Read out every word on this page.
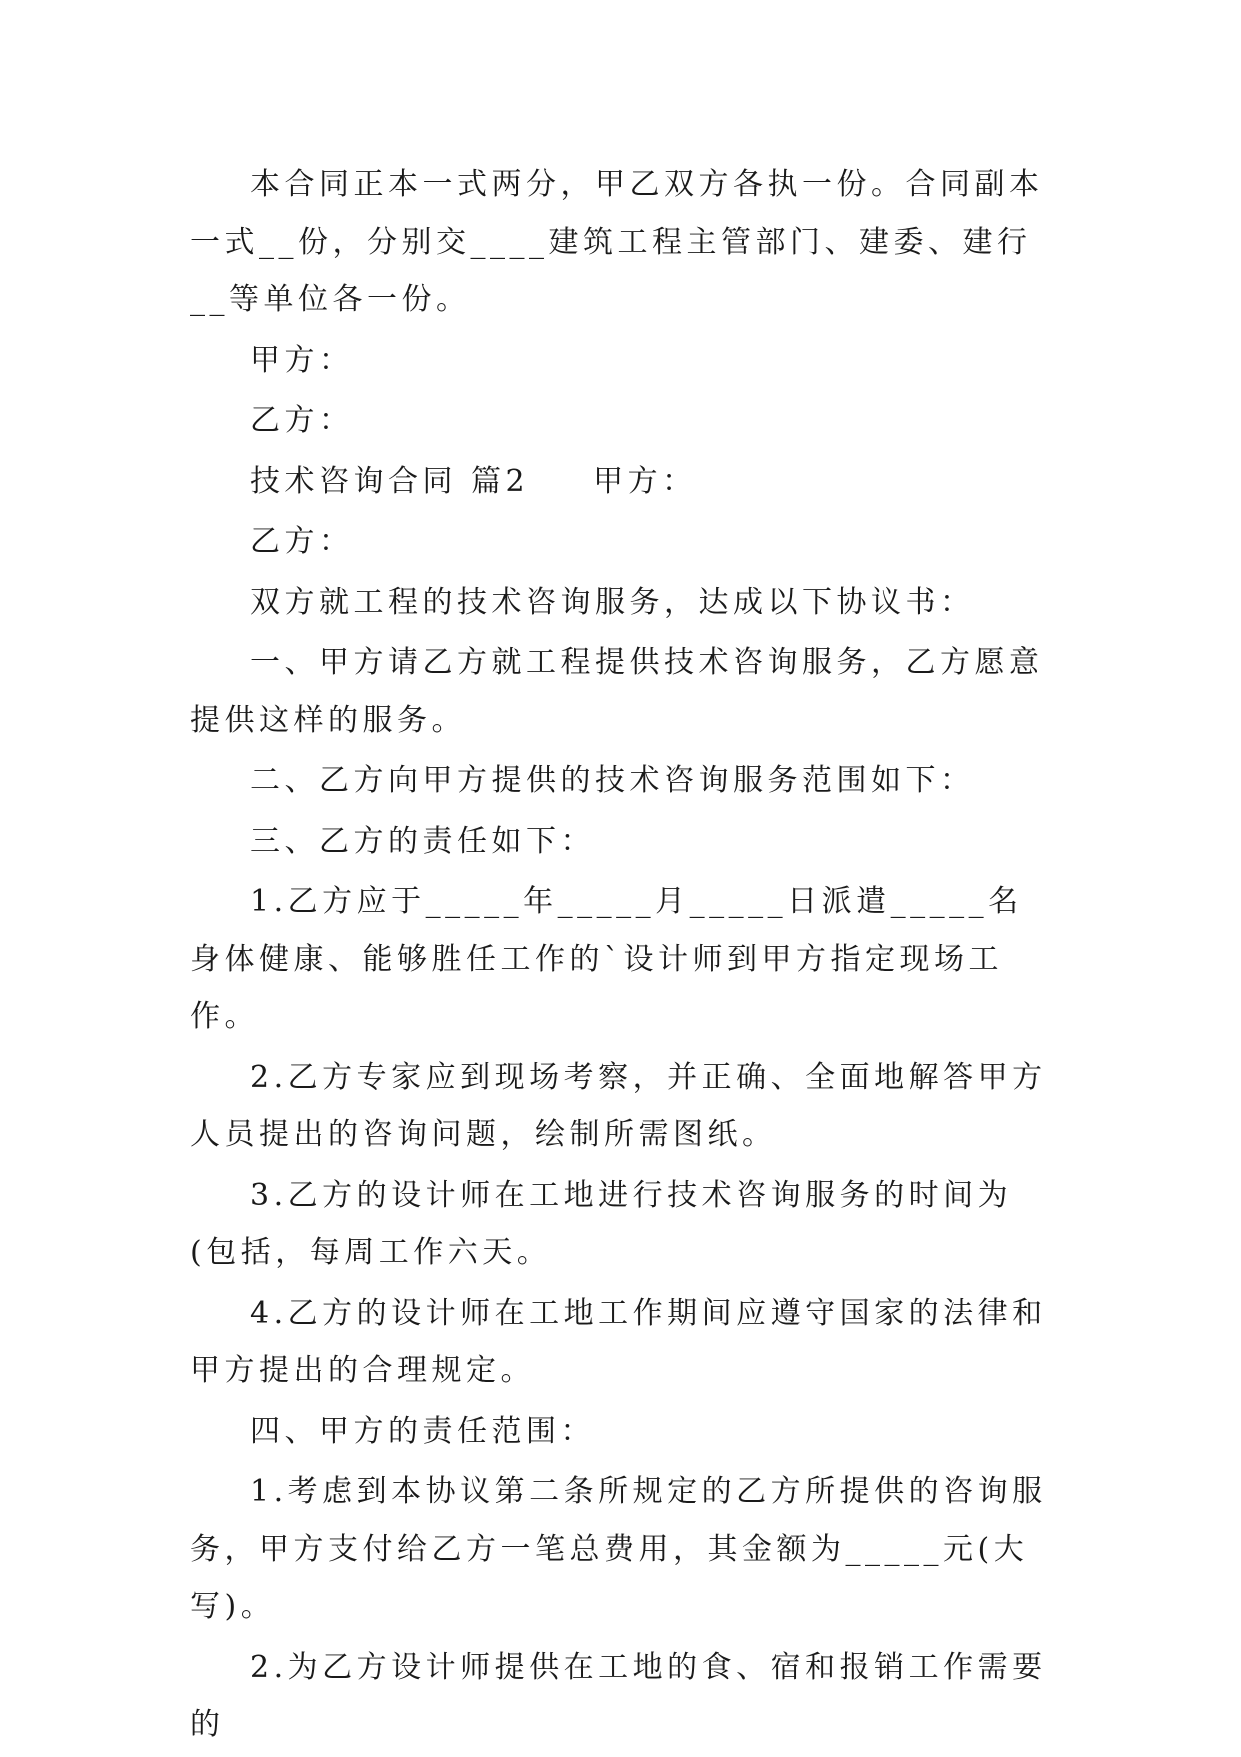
本合同正本一式两分，甲乙双方各执一份。合同副本一式__份，分别交____建筑工程主管部门、建委、建行__等单位各一份。

甲方：

乙方：

技术咨询合同 篇2 甲方：

乙方：

双方就工程的技术咨询服务，达成以下协议书：

一、甲方请乙方就工程提供技术咨询服务，乙方愿意提供这样的服务。

二、乙方向甲方提供的技术咨询服务范围如下：

三、乙方的责任如下：

1.乙方应于_____年_____月_____日派遣_____名身体健康、能够胜任工作的`设计师到甲方指定现场工作。

2.乙方专家应到现场考察，并正确、全面地解答甲方人员提出的咨询问题，绘制所需图纸。

3.乙方的设计师在工地进行技术咨询服务的时间为(包括，每周工作六天。

4.乙方的设计师在工地工作期间应遵守国家的法律和甲方提出的合理规定。

四、甲方的责任范围：

1.考虑到本协议第二条所规定的乙方所提供的咨询服务，甲方支付给乙方一笔总费用，其金额为_____元(大写)。

2.为乙方设计师提供在工地的食、宿和报销工作需要的
